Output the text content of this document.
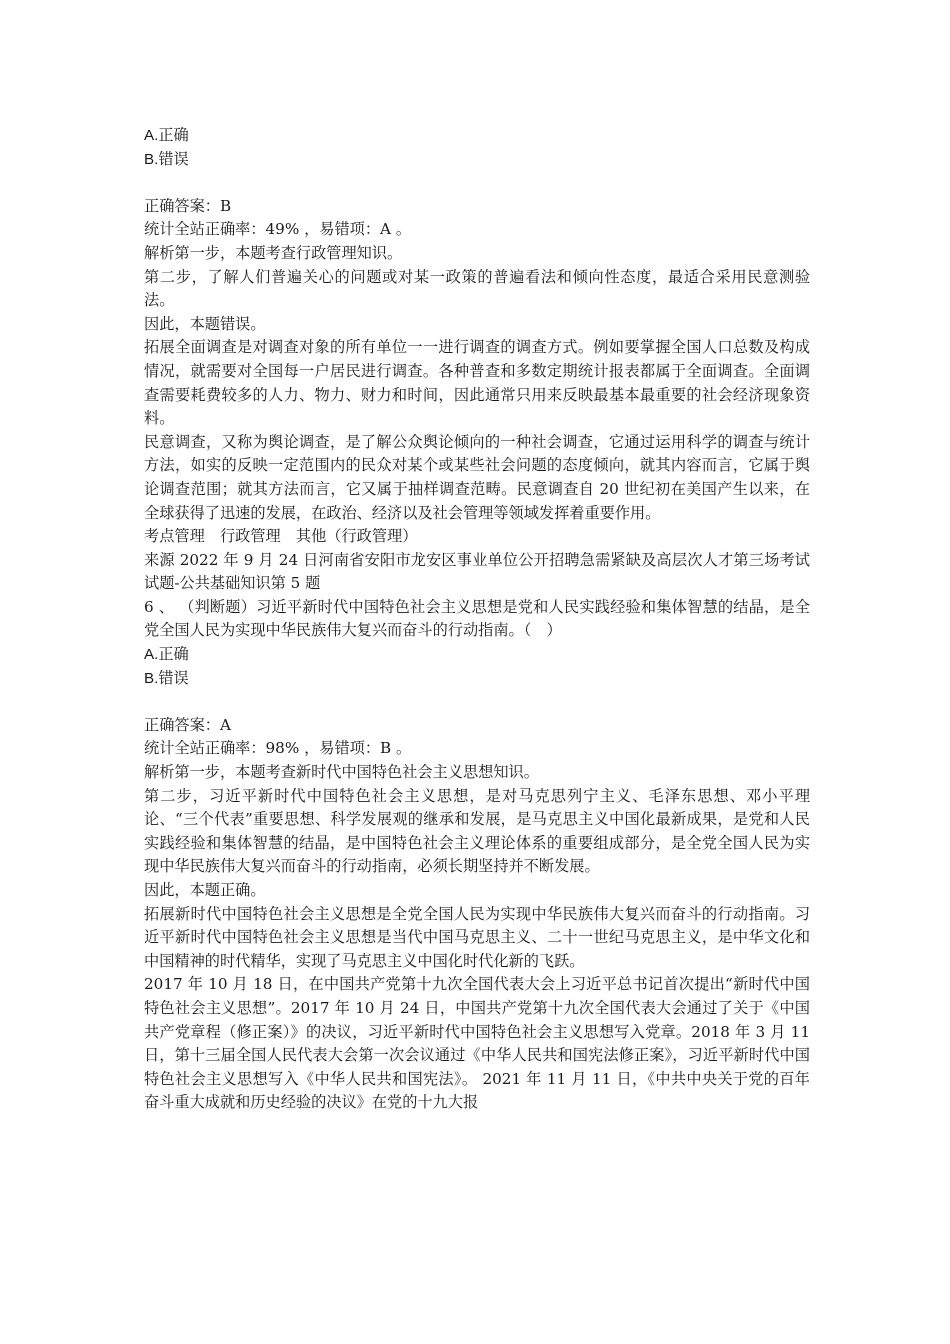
A.正确
B.错误
正确答案：B
统计全站正确率：49% ，易错项：A 。
解析第一步，本题考查行政管理知识。
第二步，了解人们普遍关心的问题或对某一政策的普遍看法和倾向性态度，最适合采用民意测验法。
因此，本题错误。
拓展全面调查是对调查对象的所有单位一一进行调查的调查方式。例如要掌握全国人口总数及构成情况，就需要对全国每一户居民进行调查。各种普查和多数定期统计报表都属于全面调查。全面调查需要耗费较多的人力、物力、财力和时间，因此通常只用来反映最基本最重要的社会经济现象资料。
民意调查，又称为舆论调查，是了解公众舆论倾向的一种社会调查，它通过运用科学的调查与统计方法，如实的反映一定范围内的民众对某个或某些社会问题的态度倾向，就其内容而言，它属于舆论调查范围；就其方法而言，它又属于抽样调查范畴。民意调查自 20 世纪初在美国产生以来，在全球获得了迅速的发展，在政治、经济以及社会管理等领域发挥着重要作用。
考点管理　行政管理　其他（行政管理）
来源 2022 年 9 月 24 日河南省安阳市龙安区事业单位公开招聘急需紧缺及高层次人才第三场考试试题-公共基础知识第 5 题
6 、 （判断题）习近平新时代中国特色社会主义思想是党和人民实践经验和集体智慧的结晶，是全党全国人民为实现中华民族伟大复兴而奋斗的行动指南。（　）
A.正确
B.错误
正确答案：A
统计全站正确率：98% ，易错项：B 。
解析第一步，本题考查新时代中国特色社会主义思想知识。
第二步，习近平新时代中国特色社会主义思想，是对马克思列宁主义、毛泽东思想、邓小平理论、“三个代表”重要思想、科学发展观的继承和发展，是马克思主义中国化最新成果，是党和人民实践经验和集体智慧的结晶，是中国特色社会主义理论体系的重要组成部分，是全党全国人民为实现中华民族伟大复兴而奋斗的行动指南，必须长期坚持并不断发展。
因此，本题正确。
拓展新时代中国特色社会主义思想是全党全国人民为实现中华民族伟大复兴而奋斗的行动指南。习近平新时代中国特色社会主义思想是当代中国马克思主义、二十一世纪马克思主义，是中华文化和中国精神的时代精华，实现了马克思主义中国化时代化新的飞跃。
2017 年 10 月 18 日，在中国共产党第十九次全国代表大会上习近平总书记首次提出“新时代中国特色社会主义思想”。2017 年 10 月 24 日，中国共产党第十九次全国代表大会通过了关于《中国共产党章程（修正案）》的决议，习近平新时代中国特色社会主义思想写入党章。2018 年 3 月 11 日，第十三届全国人民代表大会第一次会议通过《中华人民共和国宪法修正案》，习近平新时代中国特色社会主义思想写入《中华人民共和国宪法》。 2021 年 11 月 11 日，《中共中央关于党的百年奋斗重大成就和历史经验的决议》在党的十九大报
